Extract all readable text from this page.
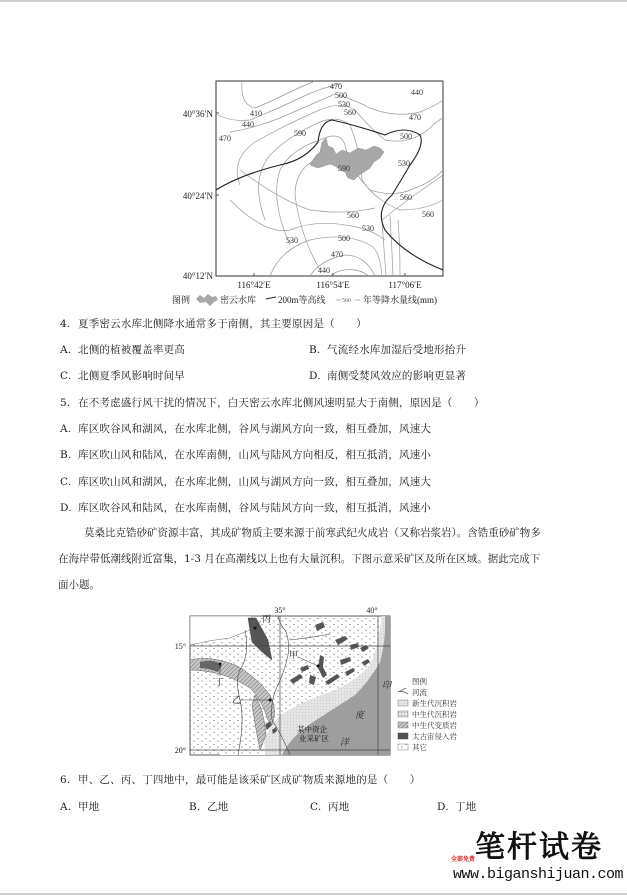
470
500
530
560
440
410
440
470
590	500
470
590
530
560
560	560
530
530	500
470
440
40°36′N
40°24′N
40°12′N
116°42′E	116°54′E	117°06′E
图例	密云水库 200m等高线	560 年等降水量线(mm)
4. 夏季密云水库北侧降水通常多于南侧，其主要原因是（　　）
A. 北侧的植被覆盖率更高	B. 气流经水库加湿后受地形抬升
C. 北侧夏季风影响时间早	D. 南侧受焚风效应的影响更显著
5. 在不考虑盛行风干扰的情况下，白天密云水库北侧风速明显大于南侧，原因是（　　）
A. 库区吹谷风和湖风，在水库北侧，谷风与湖风方向一致，相互叠加，风速大
B. 库区吹山风和陆风，在水库南侧，山风与陆风方向相反，相互抵消，风速小
C. 库区吹山风和湖风，在水库北侧，山风与湖风方向一致，相互叠加，风速大
D. 库区吹谷风和陆风，在水库南侧，谷风与陆风方向一致，相互抵消，风速小
莫桑比克锆砂矿资源丰富，其成矿物质主要来源于前寒武纪火成岩（又称岩浆岩）。含锆重砂矿物多
在海岸带低潮线附近富集，1-3 月在高潮线以上也有大量沉积。下图示意采矿区及所在区域。据此完成下
面小题。
丙
甲
乙
丁	印
度
洋
某中资企
业采矿区
15°
20°
35°	40°
图例
河流
新生代沉积岩
中生代沉积岩
中生代变质岩
太古宙侵入岩
其它
6. 甲、乙、丙、丁四地中，最可能是该采矿区成矿物质来源地的是（　　）
A. 甲地	B. 乙地	C. 丙地	D. 丁地
笔杆试卷
全部免费
www.biganshijuan.com
